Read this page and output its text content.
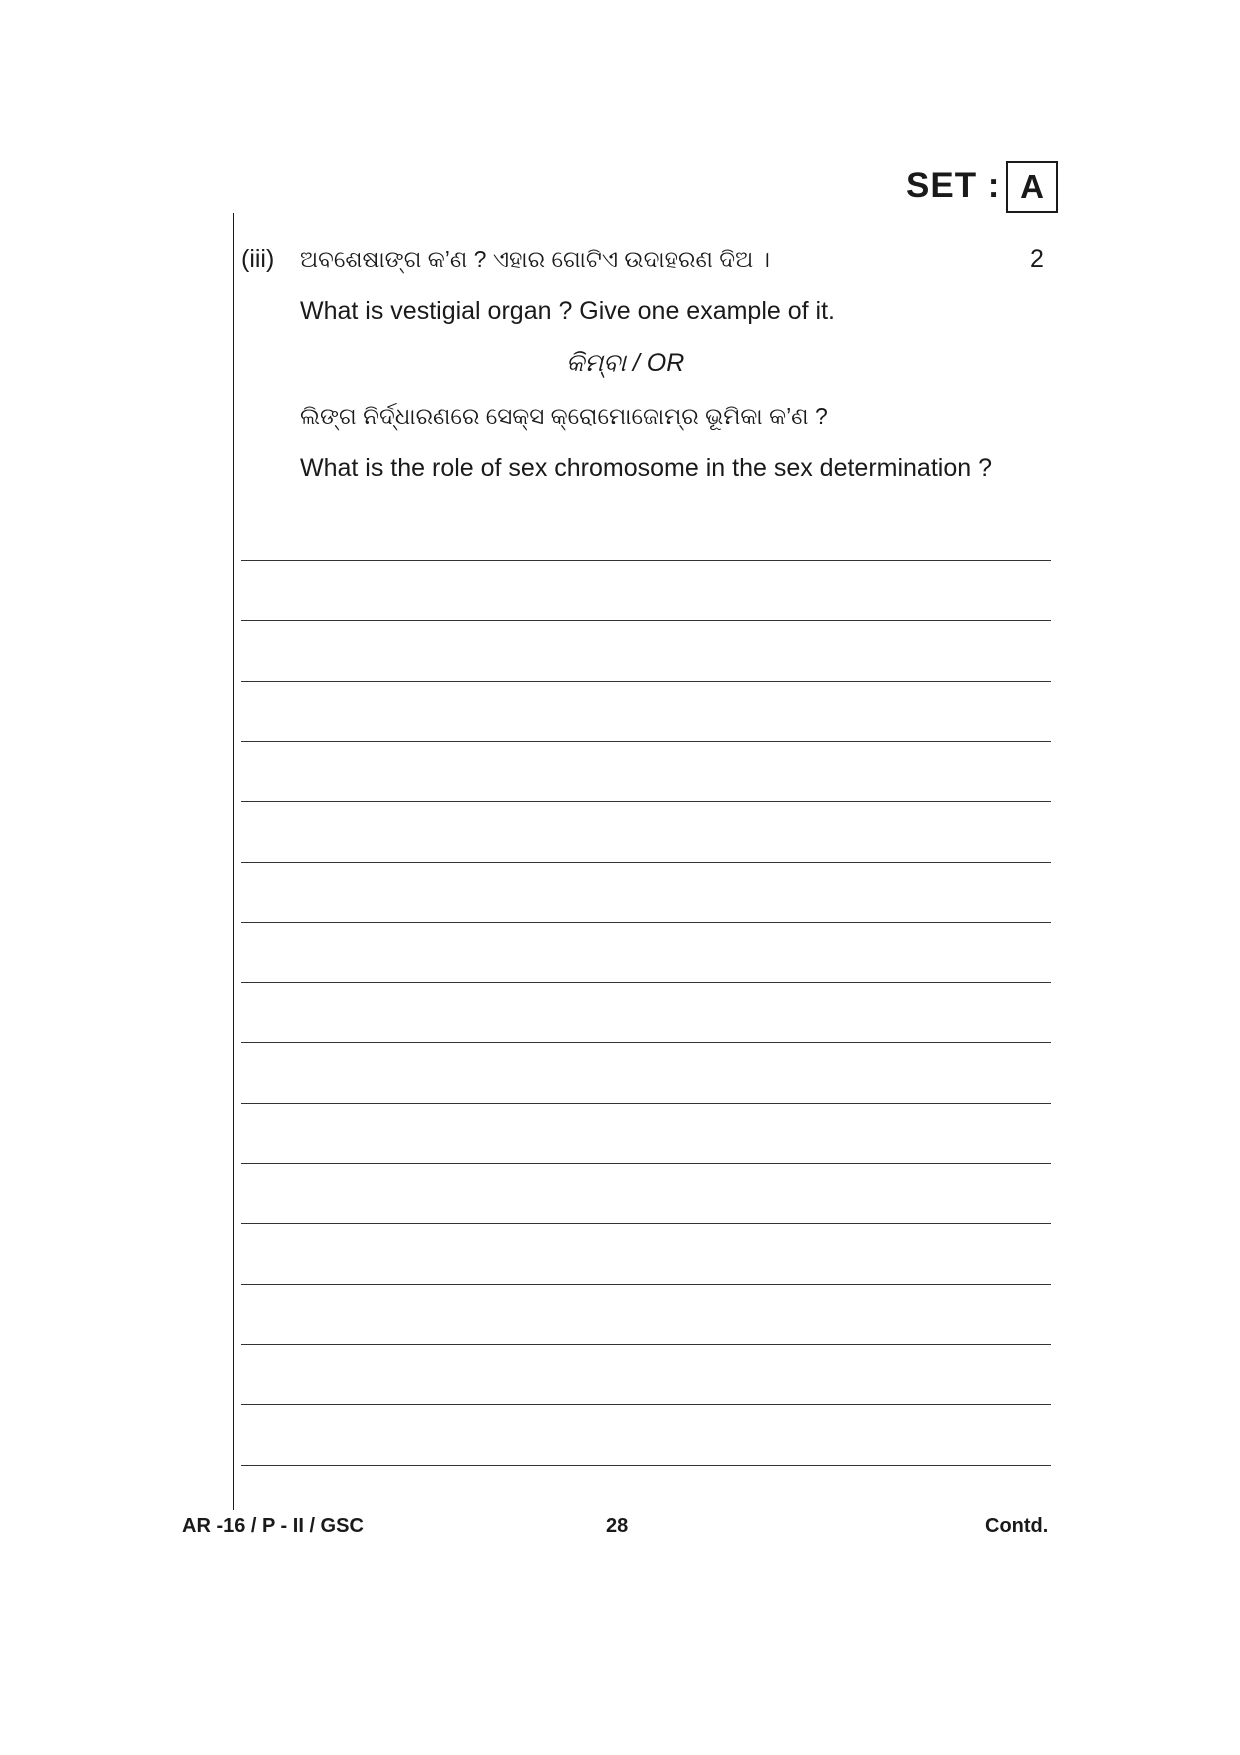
SET : A
(iii)	2
ଅବଶେଷାଙ୍ଗ କ’ଣ ? ଏହାର ଗୋଟିଏ ଉଦାହରଣ ଦିଅ ।
What is vestigial organ ? Give one example of it.
କିମ୍ବା / OR
ଲିଙ୍ଗ ନିର୍ଦ୍ଧାରଣରେ ସେକ୍ସ କ୍ରୋମୋଜୋମ୍‌ର ଭୂମିକା କ’ଣ ?
What is the role of sex chromosome in the sex determination ?
AR -16 / P - II / GSC	28	Contd.
